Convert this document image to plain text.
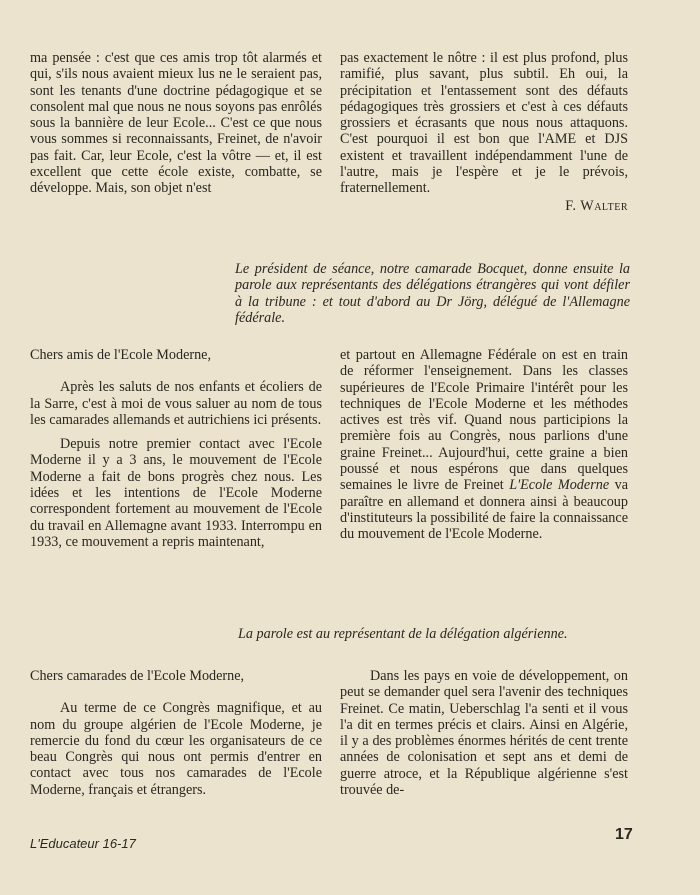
ma pensée : c'est que ces amis trop tôt alarmés et qui, s'ils nous avaient mieux lus ne le seraient pas, sont les tenants d'une doctrine pédagogique et se consolent mal que nous ne nous soyons pas enrôlés sous la bannière de leur Ecole... C'est ce que nous vous sommes si reconnaissants, Freinet, de n'avoir pas fait. Car, leur Ecole, c'est la vôtre — et, il est excellent que cette école existe, combatte, se développe. Mais, son objet n'est

pas exactement le nôtre : il est plus profond, plus ramifié, plus savant, plus subtil. Eh oui, la précipitation et l'entassement sont des défauts pédagogiques très grossiers et c'est à ces défauts grossiers et écrasants que nous nous attaquons. C'est pourquoi il est bon que l'AME et DJS existent et travaillent indépendamment l'une de l'autre, mais je l'espère et je le prévois, fraternellement.

F. Walter

Le président de séance, notre camarade Bocquet, donne ensuite la parole aux représentants des délégations étrangères qui vont défiler à la tribune : et tout d'abord au Dr Jörg, délégué de l'Allemagne fédérale.

Chers amis de l'Ecole Moderne,

Après les saluts de nos enfants et écoliers de la Sarre, c'est à moi de vous saluer au nom de tous les camarades allemands et autrichiens ici présents.

Depuis notre premier contact avec l'Ecole Moderne il y a 3 ans, le mouvement de l'Ecole Moderne a fait de bons progrès chez nous. Les idées et les intentions de l'Ecole Moderne correspondent fortement au mouvement de l'Ecole du travail en Allemagne avant 1933. Interrompu en 1933, ce mouvement a repris maintenant,

et partout en Allemagne Fédérale on est en train de réformer l'enseignement. Dans les classes supérieures de l'Ecole Primaire l'intérêt pour les techniques de l'Ecole Moderne et les méthodes actives est très vif. Quand nous participions la première fois au Congrès, nous parlions d'une graine Freinet... Aujourd'hui, cette graine a bien poussé et nous espérons que dans quelques semaines le livre de Freinet L'Ecole Moderne va paraître en allemand et donnera ainsi à beaucoup d'instituteurs la possibilité de faire la connaissance du mouvement de l'Ecole Moderne.

La parole est au représentant de la délégation algérienne.

Chers camarades de l'Ecole Moderne,

Au terme de ce Congrès magnifique, et au nom du groupe algérien de l'Ecole Moderne, je remercie du fond du cœur les organisateurs de ce beau Congrès qui nous ont permis d'entrer en contact avec tous nos camarades de l'Ecole Moderne, français et étrangers.

Dans les pays en voie de développement, on peut se demander quel sera l'avenir des techniques Freinet. Ce matin, Ueberschlag l'a senti et il vous l'a dit en termes précis et clairs. Ainsi en Algérie, il y a des problèmes énormes hérités de cent trente années de colonisation et sept ans et demi de guerre atroce, et la République algérienne s'est trouvée de-

L'Educateur 16-17
17
